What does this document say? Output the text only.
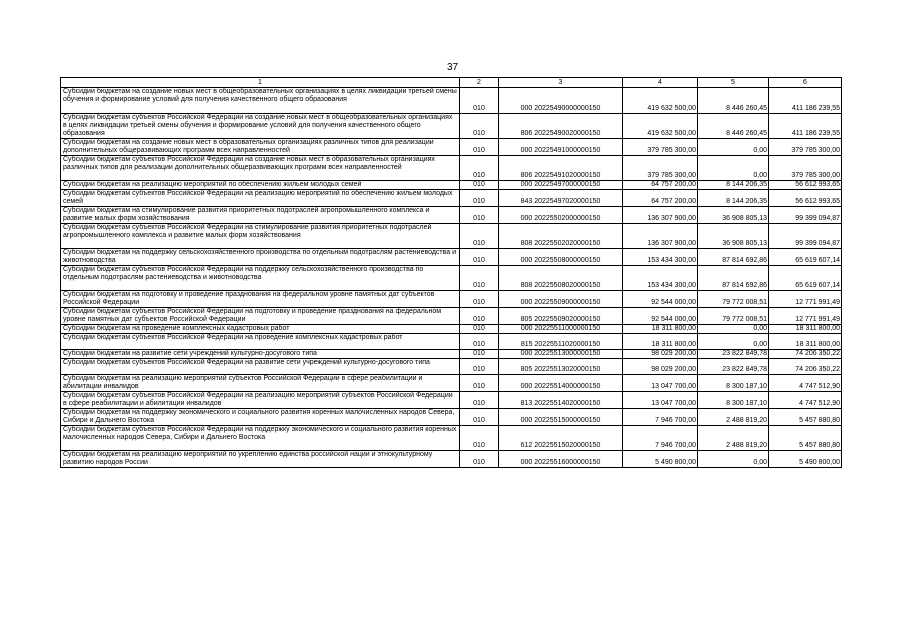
37
1	2	3	4	5	6
Субсидии бюджетам на создание новых мест в общеобразовательных организациях в целях ликвидации третьей смены обучения и формирование условий для получения качественного общего образования	010	000 20225490000000150	419 632 500,00	8 446 260,45	411 186 239,55
Субсидии бюджетам субъектов Российской Федерации на создание новых мест в общеобразовательных организациях в целях ликвидации третьей смены обучения и формирование условий для получения качественного общего образования	010	806 20225490020000150	419 632 500,00	8 446 260,45	411 186 239,55
Субсидии бюджетам на создание новых мест в образовательных организациях различных типов для реализации дополнительных общеразвивающих программ всех направленностей	010	000 20225491000000150	379 785 300,00	0,00	379 785 300,00
Субсидии бюджетам субъектов Российской Федерации на создание новых мест в образовательных организациях различных типов для реализации дополнительных общеразвивающих программ всех направленностей	010	806 20225491020000150	379 785 300,00	0,00	379 785 300,00
Субсидии бюджетам на реализацию мероприятий по обеспечению жильем молодых семей	010	000 20225497000000150	64 757 200,00	8 144 206,35	56 612 993,65
Субсидии бюджетам субъектов Российской Федерации на реализацию мероприятий по обеспечению жильем молодых семей	010	843 20225497020000150	64 757 200,00	8 144 206,35	56 612 993,65
Субсидии бюджетам на стимулирование развития приоритетных подотраслей агропромышленного комплекса и развитие малых форм хозяйствования	010	000 20225502000000150	136 307 900,00	36 908 805,13	99 399 094,87
Субсидии бюджетам субъектов Российской Федерации на стимулирование развития приоритетных подотраслей агропромышленного комплекса и развитие малых форм хозяйствования	010	808 20225502020000150	136 307 900,00	36 908 805,13	99 399 094,87
Субсидии бюджетам на поддержку сельскохозяйственного производства по отдельным подотраслям растениеводства и животноводства	010	000 20225508000000150	153 434 300,00	87 814 692,86	65 619 607,14
Субсидии бюджетам субъектов Российской Федерации на поддержку сельскохозяйственного производства по отдельным подотраслям растениеводства и животноводства	010	808 20225508020000150	153 434 300,00	87 814 692,86	65 619 607,14
Субсидии бюджетам на подготовку и проведение празднования на федеральном уровне памятных дат субъектов Российской Федерации	010	000 20225509000000150	92 544 000,00	79 772 008,51	12 771 991,49
Субсидии бюджетам субъектов Российской Федерации на подготовку и проведение празднования на федеральном уровне памятных дат субъектов Российской Федерации	010	805 20225509020000150	92 544 000,00	79 772 008,51	12 771 991,49
Субсидии бюджетам на проведение комплексных кадастровых работ	010	000 20225511000000150	18 311 800,00	0,00	18 311 800,00
Субсидии бюджетам субъектов Российской Федерации на проведение комплексных кадастровых работ	010	815 20225511020000150	18 311 800,00	0,00	18 311 800,00
Субсидии бюджетам на развитие сети учреждений культурно-досугового типа	010	000 20225513000000150	98 029 200,00	23 822 849,78	74 206 350,22
Субсидии бюджетам субъектов Российской Федерации на развитие сети учреждений культурно-досугового типа	010	805 20225513020000150	98 029 200,00	23 822 849,78	74 206 350,22
Субсидии бюджетам на реализацию мероприятий субъектов Российской Федерации в сфере реабилитации и абилитации инвалидов	010	000 20225514000000150	13 047 700,00	8 300 187,10	4 747 512,90
Субсидии бюджетам субъектов Российской Федерации на реализацию мероприятий субъектов Российской Федерации в сфере реабилитации и абилитации инвалидов	010	813 20225514020000150	13 047 700,00	8 300 187,10	4 747 512,90
Субсидии бюджетам на поддержку экономического и социального развития коренных малочисленных народов Севера, Сибири и Дальнего Востока	010	000 20225515000000150	7 946 700,00	2 488 819,20	5 457 880,80
Субсидии бюджетам субъектов Российской Федерации на поддержку экономического и социального развития коренных малочисленных народов Севера, Сибири и Дальнего Востока	010	612 20225515020000150	7 946 700,00	2 488 819,20	5 457 880,80
Субсидии бюджетам на реализацию мероприятий по укреплению единства российской нации и этнокультурному развитию народов России	010	000 20225516000000150	5 490 800,00	0,00	5 490 800,00
